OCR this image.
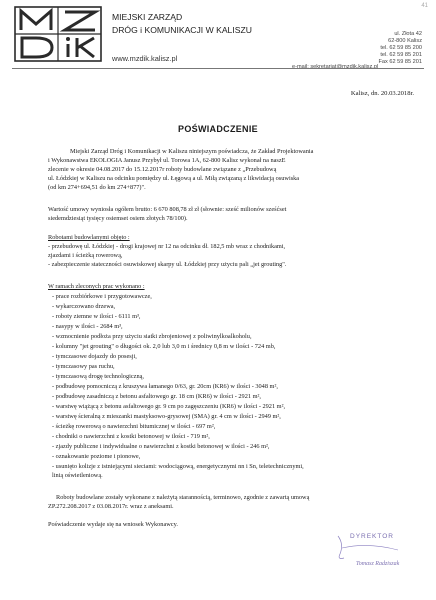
41
MIEJSKI ZARZĄD
DRÓG i KOMUNIKACJI W KALISZU
www.mzdik.kalisz.pl
ul. Złota 42
62-800 Kalisz
tel. 62 59 85 200
tel. 62 59 85 201
Fax 62 59 85 201
e-mail: sekretariat@mzdik.kalisz.pl
Kalisz, dn. 20.03.2018r.
POŚWIADCZENIE
Miejski Zarząd Dróg i Komunikacji w Kaliszu niniejszym poświadcza, że Zakład Projektowania
i Wykonawstwa EKOLOGIA Janusz Przybył ul. Torowa 1A, 62-800 Kalisz wykonał na naszE
zlecenie w okresie 04.08.2017 do 15.12.2017r roboty budowlane związane z „Przebudową
ul. Łódzkiej w Kaliszu na odcinku pomiędzy ul. Łęgową a ul. Miłą związaną z likwidacją osuwiska
(od km 274+694,51 do km 274+877)".
Wartość umowy wyniosła ogółem brutto: 6 670 808,78 zł zł (słownie: sześć milionów sześćset
siedemdziesiąt tysięcy osiemset osiem złotych 78/100).
Robotami budowlanymi objęto :
- przebudowę ul. Łódzkiej - drogi krajowej nr 12 na odcinku dł. 182,5 mb wraz z chodnikami,
zjazdami i ścieżką rowerową,
- zabezpieczenie stateczności osuwiskowej skarpy ul. Łódzkiej przy użyciu pali „jet grouting".
W ramach zleconych prac wykonano :
- prace rozbiórkowe i przygotowawcze,
- wykarczowano drzewa,
- roboty ziemne w ilości - 6111 m³,
- nasypy w ilości - 2684 m³,
- wzmocnienie podłoża przy użyciu siatki zbrojeniowej z poliwinylkoalkoholu,
- kolumny "jet grouting" o długości ok. 2,0 lub 3,0 m i średnicy 0,8 m w ilości - 724 mb,
- tymczasowe dojazdy do posesji,
- tymczasowy pas ruchu,
- tymczasową drogę technologiczną,
- podbudowę pomocniczą z kruszywa łamanego 0/63, gr. 20cm (KR6) w ilości - 3048 m²,
- podbudowę zasadniczą z betonu asfaltowego gr. 18 cm (KR6) w ilości - 2921 m²,
- warstwę wiążącą z betonu asfaltowego gr. 9 cm po zagęszczeniu (KR6) w ilości - 2921 m²,
- warstwę ścieralną z mieszanki mastyksowo-grysowej (SMA) gr. 4 cm w ilości - 2949 m²,
- ścieżkę rowerową o nawierzchni bitumicznej w ilości - 697 m²,
- chodniki o nawierzchni z kostki betonowej w ilości - 719 m²,
- zjazdy publiczne i indywidualne o nawierzchni z kostki betonowej w ilości - 246 m²,
- oznakowanie poziome i pionowe,
- usunięto kolizje z istniejącymi sieciami: wodociągową, energetycznymi nn i Sn, teletechnicznymi,
linią oświetleniową.
Roboty budowlane zostały wykonane z należytą starannością, terminowo, zgodnie z zawartą umową
ZP.272.208.2017 z 03.08.2017r. wraz z aneksami.
Poświadczenie wydaje się na wniosek Wykonawcy.
DYREKTOR
Tomasz Radziszak
